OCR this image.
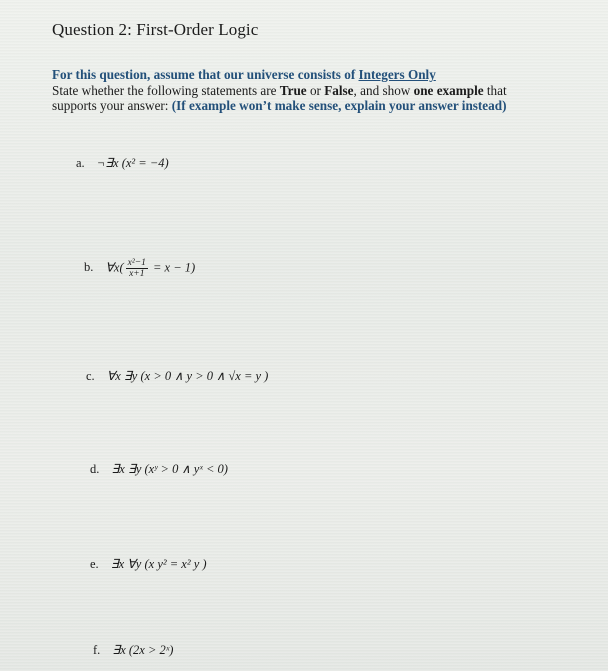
Question 2: First-Order Logic
For this question, assume that our universe consists of Integers Only
State whether the following statements are True or False, and show one example that
supports your answer: (If example won’t make sense, explain your answer instead)
a. ¬∃x (x² = −4)
b. ∀x( $\frac{\text{x²−1}}{x+1} = x - 1$)
c. ∀x ∃y (x > 0 ∧ y > 0 ∧ √x = y )
d. ∃x ∃y (xʸ > 0 ∧ yˣ < 0)
e. ∃x ∀y (x y² = x² y )
f. ∃x (2x > 2ˣ)
